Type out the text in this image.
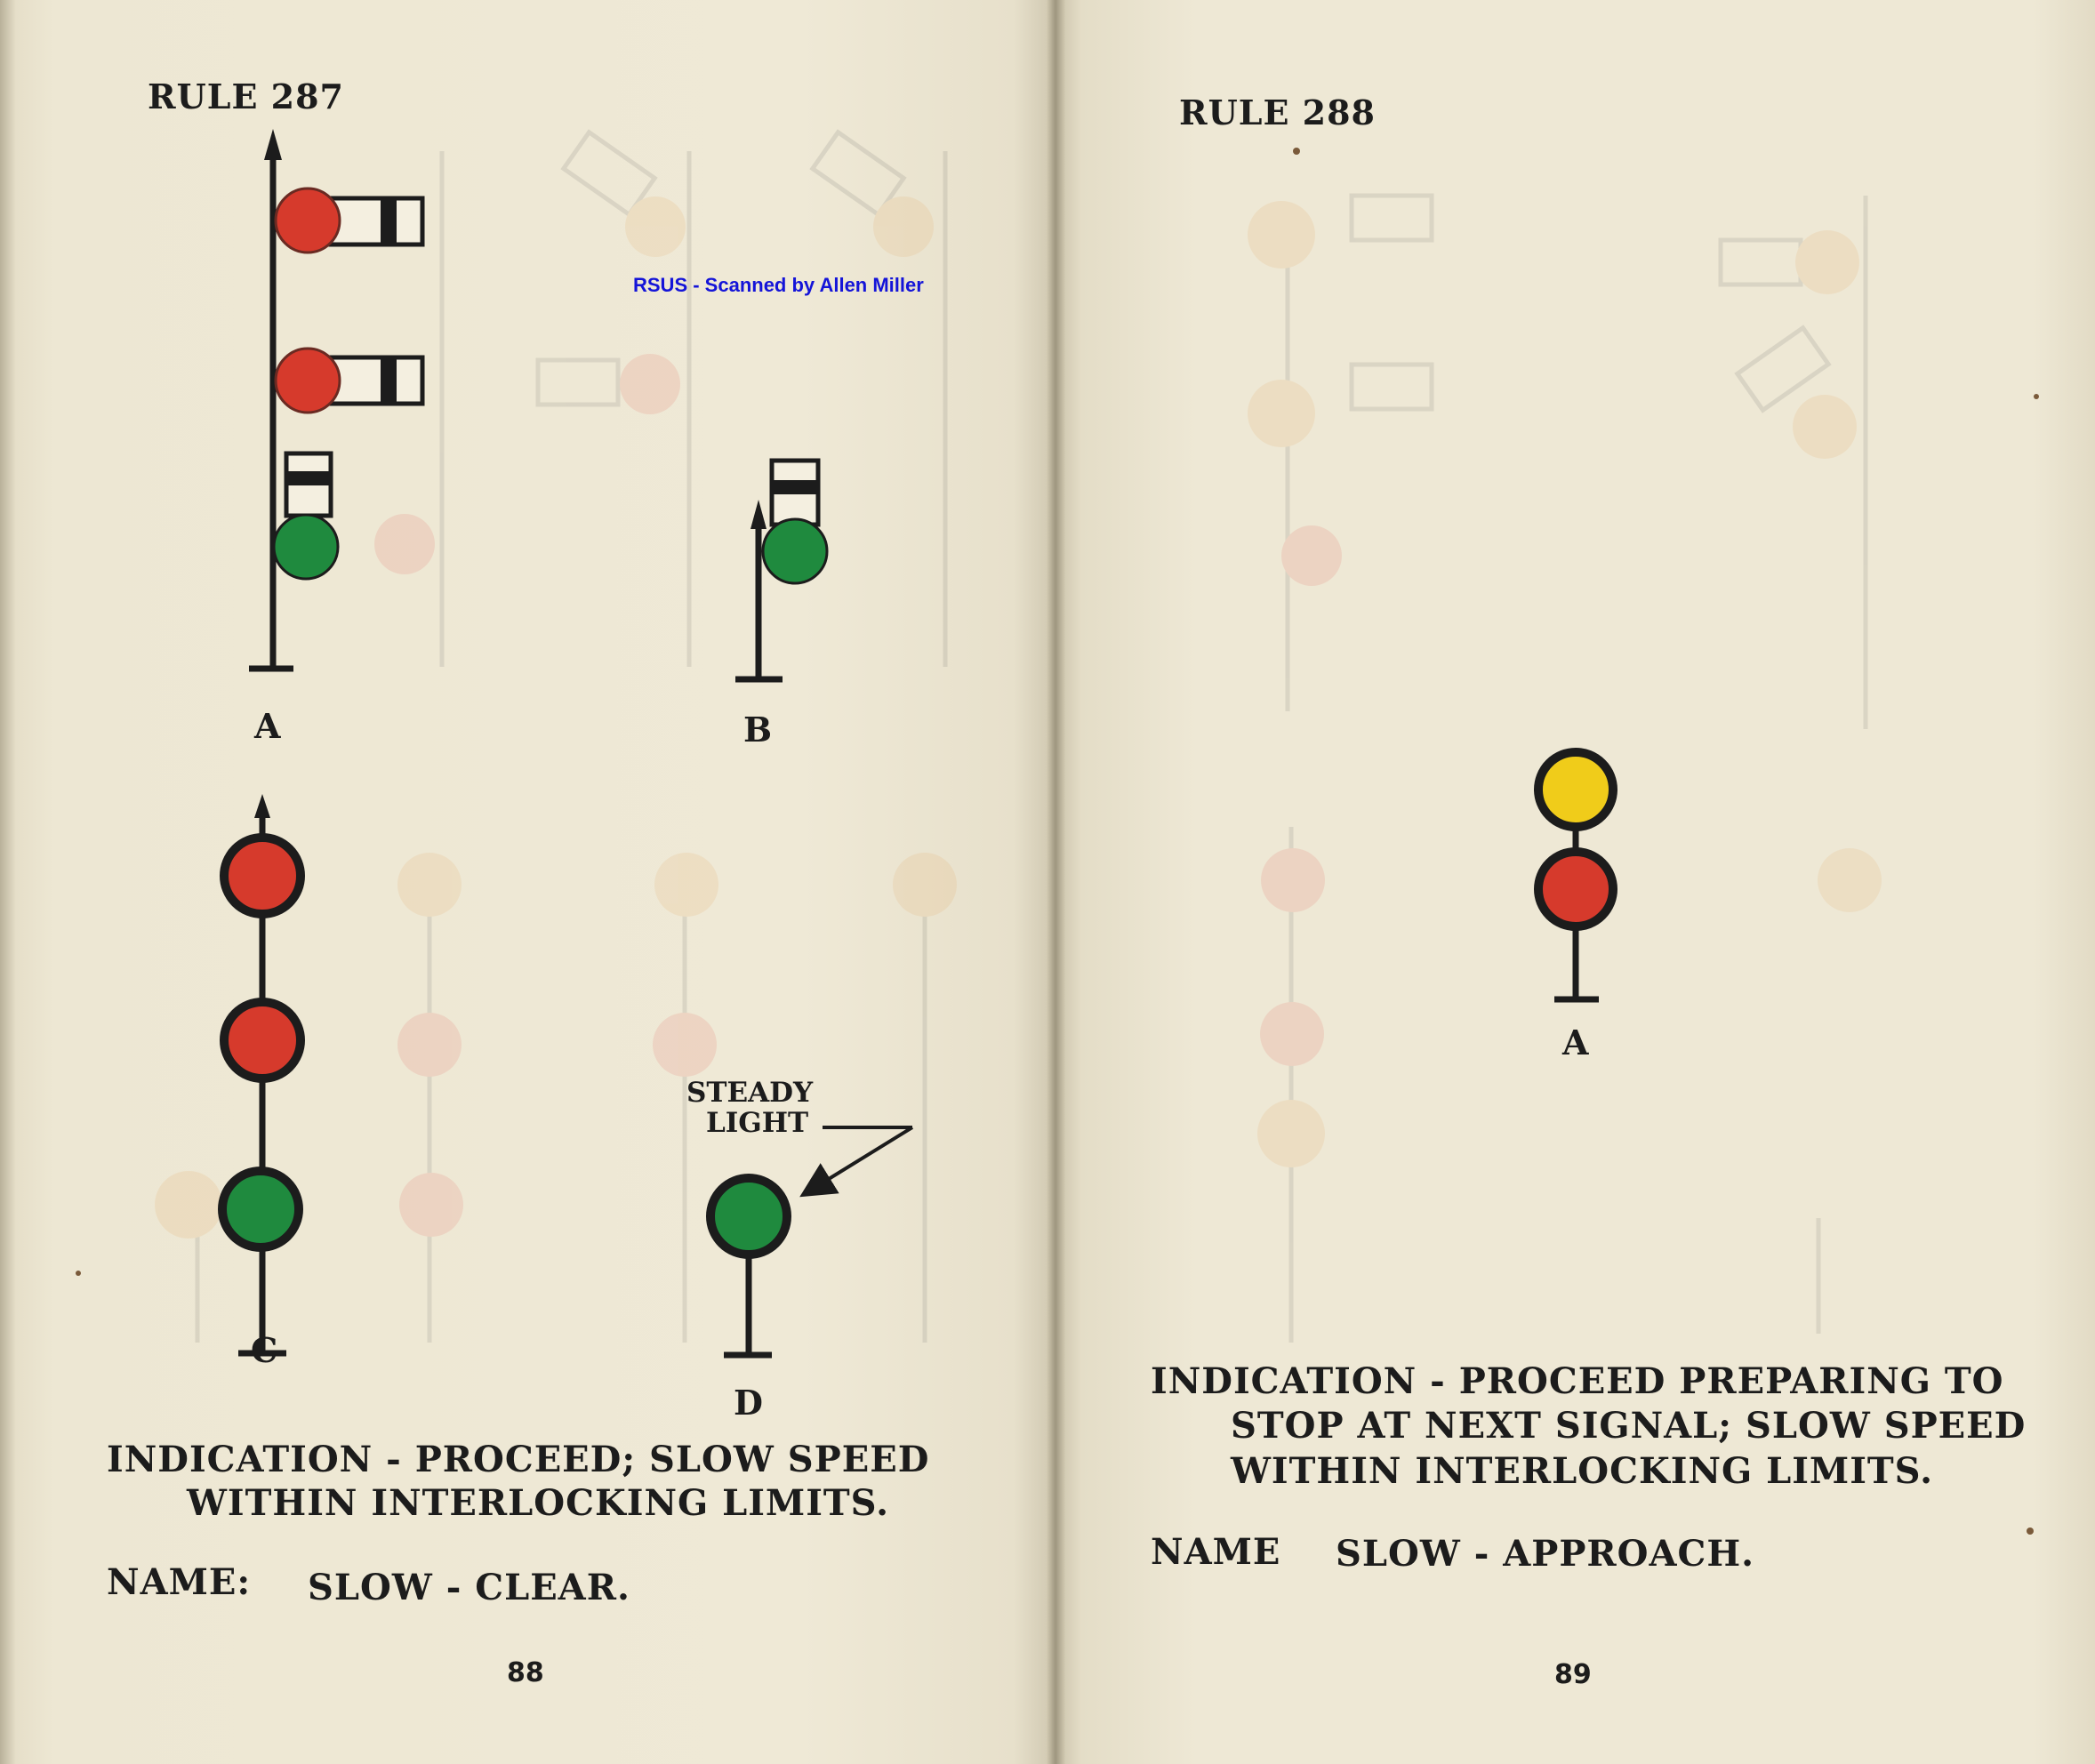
RSUS - Scanned by Allen Miller
RULE 287
A	B
C
D
STEADY
LIGHT
INDICATION - PROCEED; SLOW SPEED
WITHIN INTERLOCKING LIMITS.
NAME: SLOW - CLEAR.
88
RULE 288
A
INDICATION - PROCEED PREPARING TO
STOP AT NEXT SIGNAL; SLOW SPEED
WITHIN INTERLOCKING LIMITS.
NAME SLOW - APPROACH.
89
